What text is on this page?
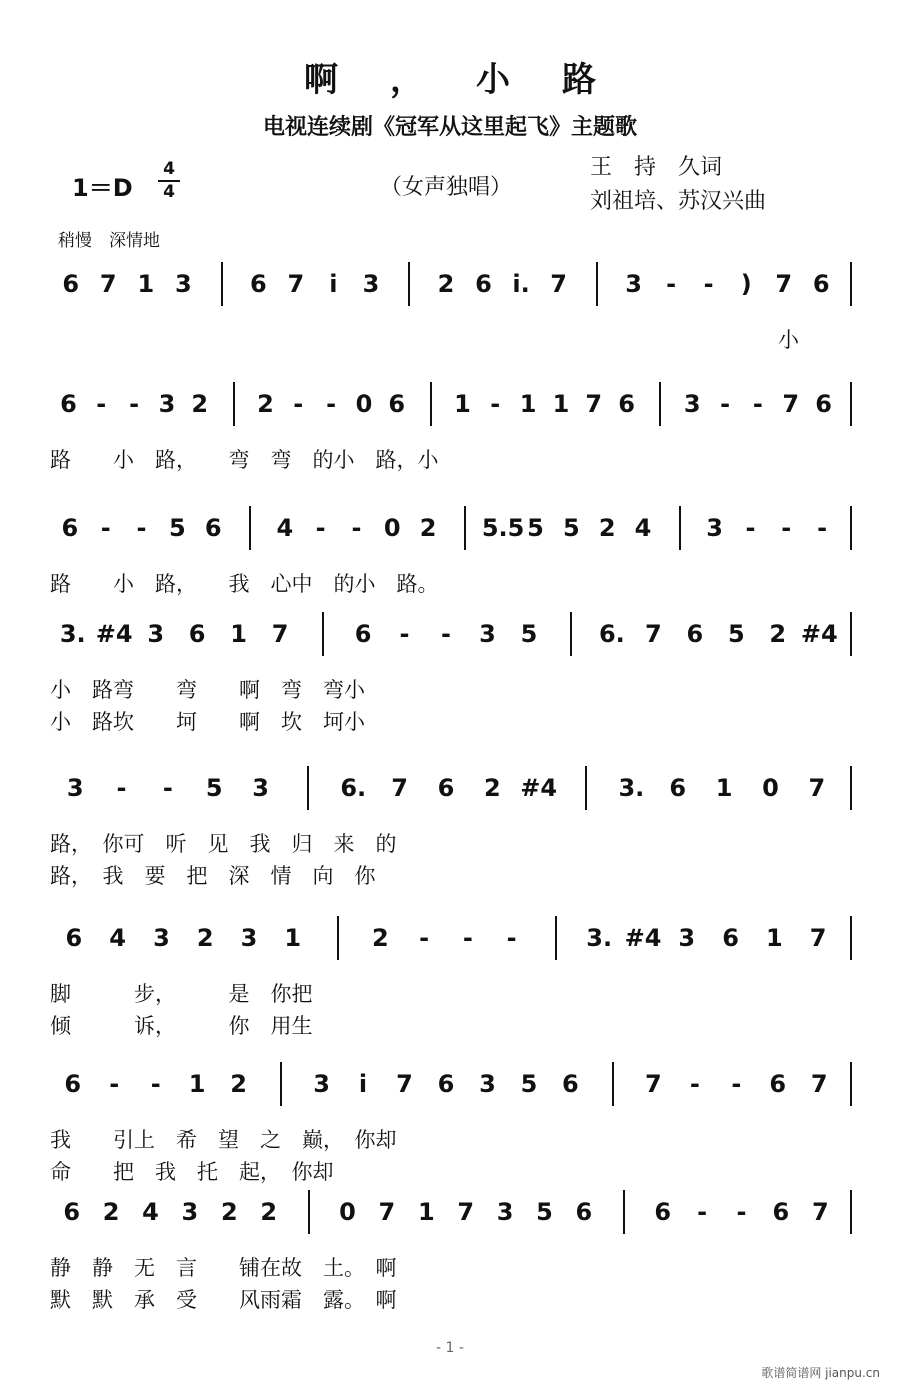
啊，小路
电视连续剧《冠军从这里起飞》主题歌
1＝D
4
4	（女声独唱）
王　持　久词
刘祖培、苏汉兴曲
稍慢　深情地
6 7 1 3	6 7	i	3	2 6 i. 7	3	-	-	) 7 6
小
6 - - 3 2	2 - - 0 6	1 - 1 1 7 6	3 - - 7 6
路　　小　路，　　弯　弯　的小　路，小
6 -	- 5 6	4 -	- 0 2	5.5 5 5 2 4	3 -	-	-
路　　小　路，　　我　心中　的小　路。
3. #4 3	6	1	7	6	-	-	3	5	6. 7	6	5	2 #4
小　路弯　　弯　　啊　弯　弯小
小　路坎　　坷　　啊　坎　坷小
3	-	-	5	3	6.	7	6	2 #4	3.	6	1	0	7
路，　你可　听　见　我　归　来　的
路，　我　要　把　深　情　向　你
6	4	3	2	3	1	2	-	-	-	3. #4 3	6	1	7
脚　　　步，　　　是　你把
倾　　　诉，　　　你　用生
6	-	-	1	2	3	i	7	6	3	5	6	7	-	-	6	7
我　　引上　希　望　之　巅，　你却
命　　把　我　托　起，　你却
6 2 4 3 2 2	0 7 1 7 3 5 6	6	-	-	6 7
静　静　无　言　　铺在故　土。　啊
默　默　承　受　　风雨霜　露。　啊
- 1 -
歌谱简谱网 jianpu.cn
